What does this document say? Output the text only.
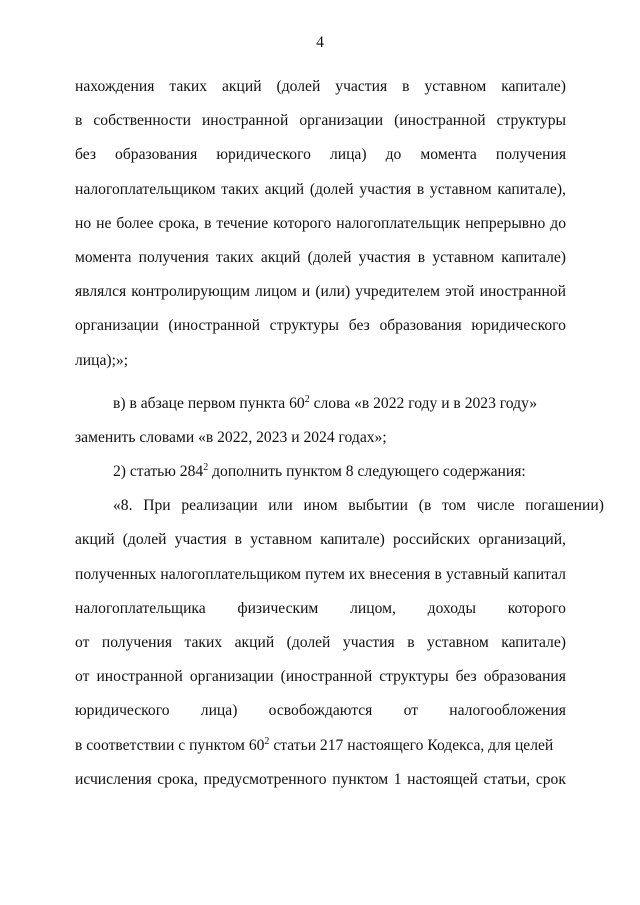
4
нахождения таких акций (долей участия в уставном капитале)
в собственности иностранной организации (иностранной структуры
без образования юридического лица) до момента получения
налогоплательщиком таких акций (долей участия в уставном капитале),
но не более срока, в течение которого налогоплательщик непрерывно до
момента получения таких акций (долей участия в уставном капитале)
являлся контролирующим лицом и (или) учредителем этой иностранной
организации (иностранной структуры без образования юридического
лица);»;
в) в абзаце первом пункта $60^2$ слова «в 2022 году и в 2023 году»
заменить словами «в 2022, 2023 и 2024 годах»;
2) статью $284^2$ дополнить пунктом 8 следующего содержания:
«8. При реализации или ином выбытии (в том числе погашении)
акций (долей участия в уставном капитале) российских организаций,
полученных налогоплательщиком путем их внесения в уставный капитал
налогоплательщика физическим лицом, доходы которого
от получения таких акций (долей участия в уставном капитале)
от иностранной организации (иностранной структуры без образования
юридического лица) освобождаются от налогообложения
в соответствии с пунктом $60^2$ статьи 217 настоящего Кодекса, для целей
исчисления срока, предусмотренного пунктом 1 настоящей статьи, срок
